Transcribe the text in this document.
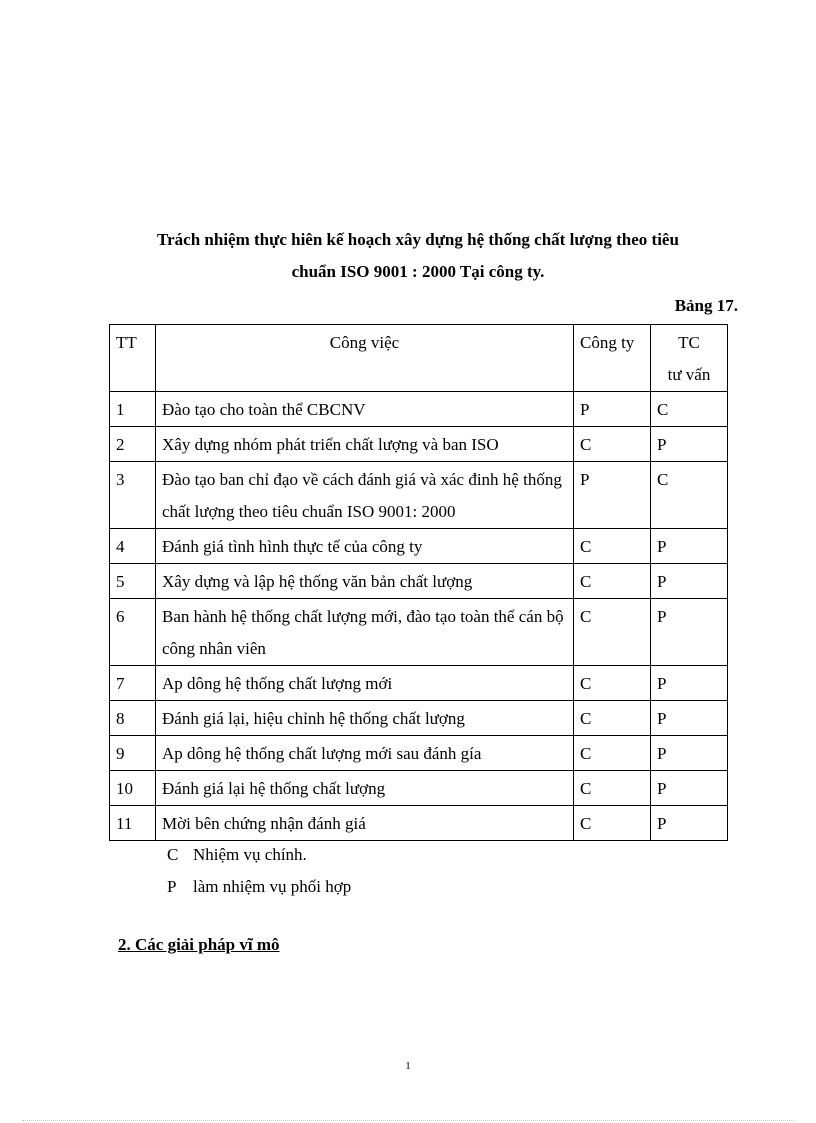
Trách nhiệm thực hiên kế hoạch xây dựng hệ thống chất lượng theo tiêu
chuẩn ISO 9001 : 2000 Tại công ty.
Bảng 17.
TT	Công việc	Công ty	TC
tư vấn
1	Đào tạo cho toàn thể CBCNV	P	C
2	Xây dựng nhóm phát triển chất lượng và ban ISO	C	P
3	Đào tạo ban chỉ đạo về cách đánh giá và xác đinh hệ thống chất lượng theo tiêu chuẩn ISO 9001: 2000	P	C
4	Đánh giá tình hình thực tế của công ty	C	P
5	Xây dựng và lập hệ thống văn bản chất lượng	C	P
6	Ban hành hệ thống chất lượng mới, đào tạo toàn thể cán bộ công nhân viên	C	P
7	Ap dông hệ thống chất lượng mới	C	P
8	Đánh giá lại, hiệu chỉnh hệ thống chất lượng	C	P
9	Ap dông hệ thống chất lượng mới sau đánh gía	C	P
10	Đánh giá lại hệ thống chất lượng	C	P
11	Mời bên chứng nhận đánh giá	C	P
C Nhiệm vụ chính.
P làm nhiệm vụ phối hợp
2. Các giải pháp vĩ mô
1
